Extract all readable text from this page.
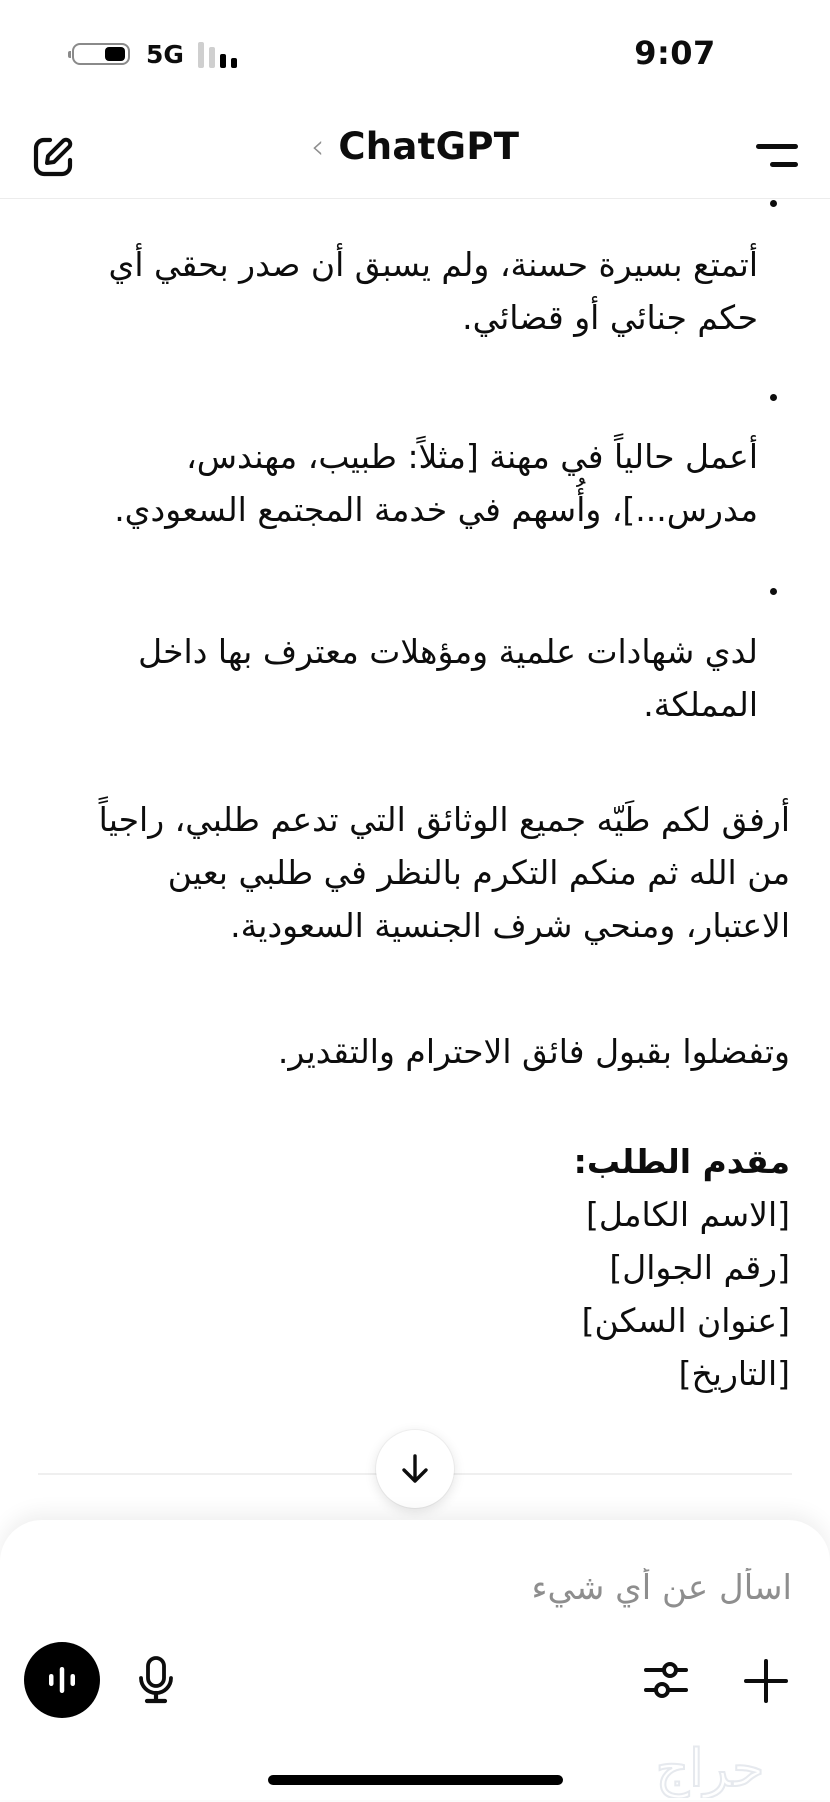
5G	9:07
‹ ChatGPT
أتمتع بسيرة حسنة، ولم يسبق أن صدر بحقي أي
حكم جنائي أو قضائي.
أعمل حالياً في مهنة [مثلاً: طبيب، مهندس،
مدرس...]، وأُسهم في خدمة المجتمع السعودي.
لدي شهادات علمية ومؤهلات معترف بها داخل
المملكة.
أرفق لكم طَيّه جميع الوثائق التي تدعم طلبي، راجياً
من الله ثم منكم التكرم بالنظر في طلبي بعين
الاعتبار، ومنحي شرف الجنسية السعودية.
وتفضلوا بقبول فائق الاحترام والتقدير.
مقدم الطلب:
[الاسم الكامل]
[رقم الجوال]
[عنوان السكن]
[التاريخ]
اسأل عن أي شيء
حراج
